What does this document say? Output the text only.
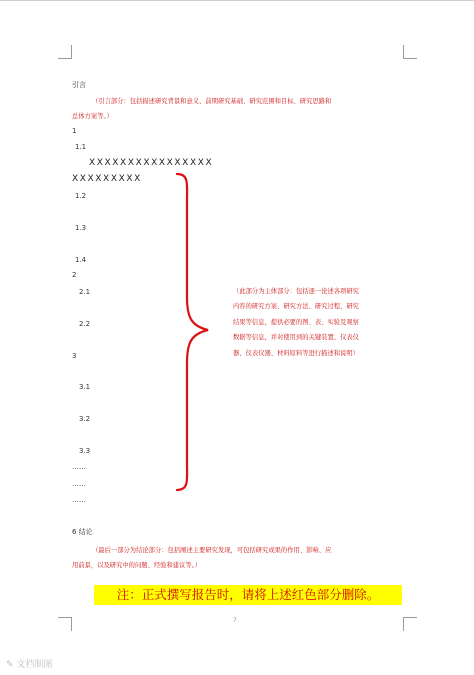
引言
（引言部分：包括描述研究背景和意义、前期研究基础、研究范围和目标、研究思路和
总体方案等。）
1
1.1
XXXXXXXXXXXXXXXX
XXXXXXXXX
1.2
1.3
1.4
2
2.1
2.2
3
3.1
3.2
3.3
……
……
……
（此部分为主体部分：包括逐一论述各项研究
内容的研究方案、研究方法、研究过程、研究
结果等信息，提供必要的图、表、实验及观察
数据等信息，并对使用到的关键装置、仪表仪
器、仪表仪器、材料原料等进行描述和说明）
6 结论
（最后一部分为结论部分：包括阐述主要研究发现，可包括研究成果的作用、影响、应
用前景，以及研究中的问题、经验和建议等。）
注：正式撰写报告时，请将上述红色部分删除。
7
✎ 文档制图
